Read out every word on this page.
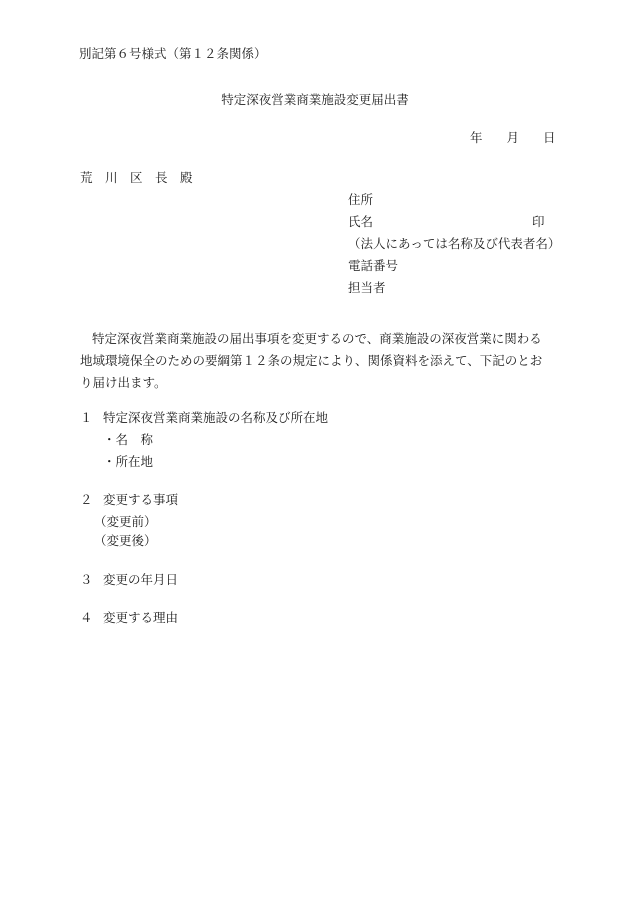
別記第６号様式（第１２条関係）
特定深夜営業商業施設変更届出書
年 月 日
荒　川　区　長　殿
住所
氏名	印
（法人にあっては名称及び代表者名）
電話番号
担当者
特定深夜営業商業施設の届出事項を変更するので、商業施設の深夜営業に関わる地域環境保全のための要綱第１２条の規定により、関係資料を添えて、下記のとおり届け出ます。
１ 特定深夜営業商業施設の名称及び所在地
・名　称
・所在地
２ 変更する事項
（変更前）
（変更後）
３ 変更の年月日
４ 変更する理由
